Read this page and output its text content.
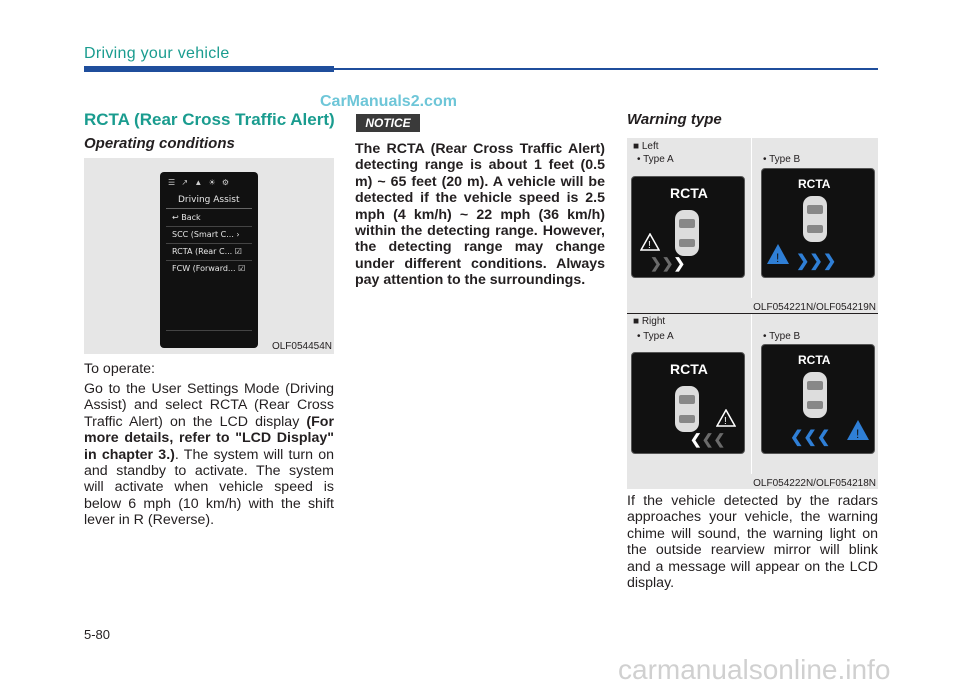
Driving your vehicle
CarManuals2.com
RCTA (Rear Cross Traffic Alert)
Operating conditions
☰ ↗ ▲ ☀ ⚙
Driving Assist
↩ Back
SCC (Smart C... ›
RCTA (Rear C... ☑
FCW (Forward... ☑
OLF054454N
To operate:
Go to the User Settings Mode (Driving Assist) and select RCTA (Rear Cross Traffic Alert) on the LCD display (For more details, refer to "LCD Display" in chapter 3.). The system will turn on and standby to activate. The system will activate when vehicle speed is below 6 mph (10 km/h) with the shift lever in R (Reverse).
NOTICE
The RCTA (Rear Cross Traffic Alert) detecting range is about 1 feet (0.5 m) ~ 65 feet (20 m). A vehicle will be detected if the vehicle speed is 2.5 mph (4 km/h) ~ 22 mph (36 km/h) within the detecting range. However, the detecting range may change under different conditions. Always pay attention to the surroundings.
Warning type
■ Left
• Type A	• Type B
RCTA
!
❯❯❯
RCTA
! ❯❯❯
OLF054221N/OLF054219N
■ Right
• Type A	• Type B
RCTA
!
❮❮❮
RCTA
!
❮❮❮
OLF054222N/OLF054218N
If the vehicle detected by the radars approaches your vehicle, the warning chime will sound, the warning light on the outside rearview mirror will blink and a message will appear on the LCD display.
5-80
carmanualsonline.info
